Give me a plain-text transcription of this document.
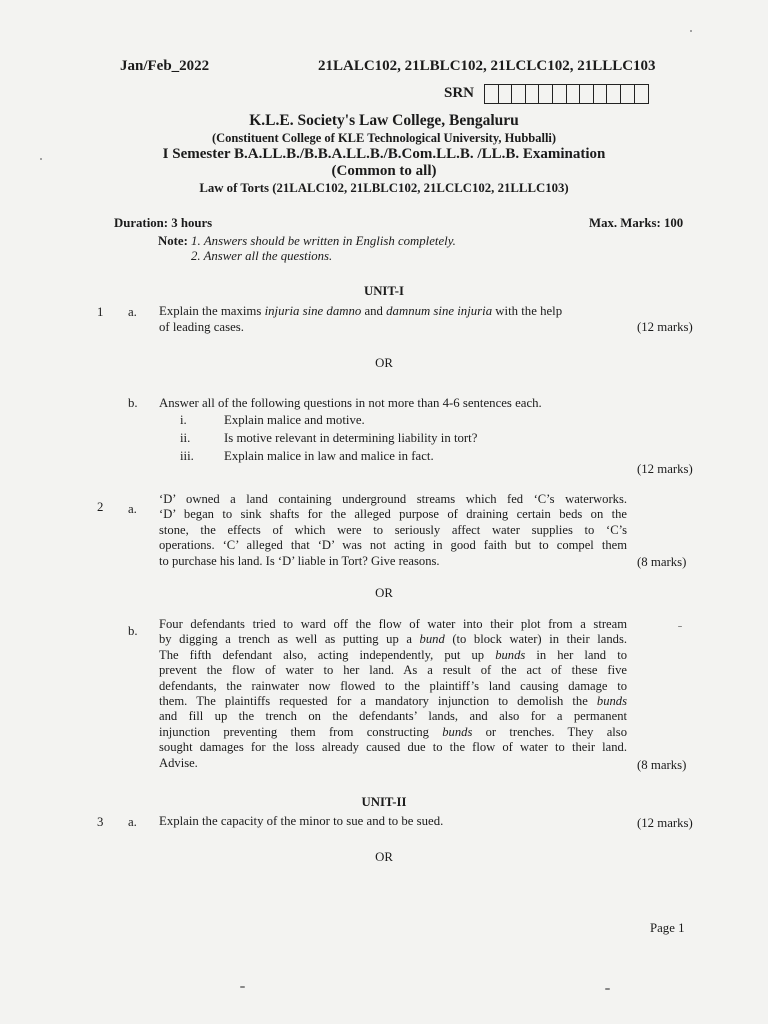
Jan/Feb_2022	21LALC102, 21LBLC102, 21LCLC102, 21LLLC103
SRN
K.L.E. Society's Law College, Bengaluru
(Constituent College of KLE Technological University, Hubballi)
I Semester B.A.LL.B./B.B.A.LL.B./B.Com.LL.B. /LL.B. Examination
(Common to all)
Law of Torts (21LALC102, 21LBLC102, 21LCLC102, 21LLLC103)
Duration: 3 hours	Max. Marks: 100
Note: 1. Answers should be written in English completely.
2. Answer all the questions.
UNIT-I
1 a. Explain the maxims injuria sine damno and damnum sine injuria with the help
of leading cases.	(12 marks)
OR
b. Answer all of the following questions in not more than 4-6 sentences each.
i.	Explain malice and motive.
ii.	Is motive relevant in determining liability in tort?
iii. Explain malice in law and malice in fact.
(12 marks)
2 a.
‘D’ owned a land containing underground streams which fed ‘C’s waterworks.
‘D’ began to sink shafts for the alleged purpose of draining certain beds on the
stone, the effects of which were to seriously affect water supplies to ‘C’s
operations. ‘C’ alleged that ‘D’ was not acting in good faith but to compel them
to purchase his land. Is ‘D’ liable in Tort? Give reasons.	(8 marks)
OR
b. Four defendants tried to ward off the flow of water into their plot from a stream
by digging a trench as well as putting up a bund (to block water) in their lands.
The fifth defendant also, acting independently, put up bunds in her land to
prevent the flow of water to her land. As a result of the act of these five
defendants, the rainwater now flowed to the plaintiff’s land causing damage to
them. The plaintiffs requested for a mandatory injunction to demolish the bunds
and fill up the trench on the defendants’ lands, and also for a permanent
injunction preventing them from constructing bunds or trenches. They also
sought damages for the loss already caused due to the flow of water to their land.
Advise.	(8 marks)
UNIT-II
3 a. Explain the capacity of the minor to sue and to be sued.	(12 marks)
OR
Page 1
